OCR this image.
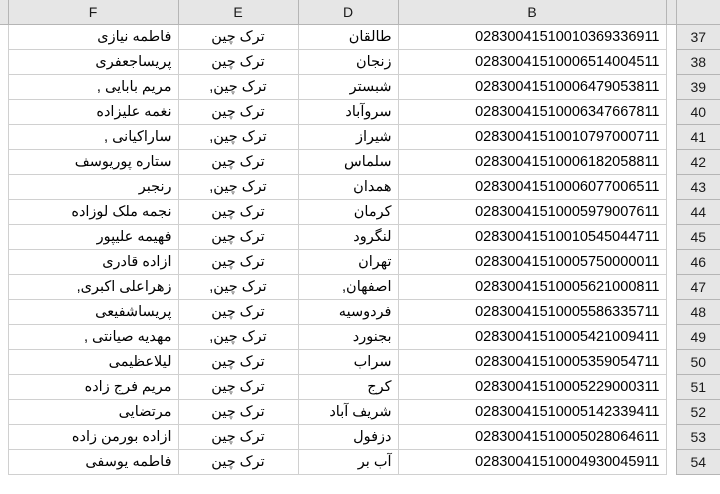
	F	E	D	B		
	فاطمه نیازی	ترک چین	طالقان	02830041510010369336911		37
	پریساجعفری	ترک چین	زنجان	02830041510006514004511		38
	مریم بابایی ,	ترک چین,	شبستر	02830041510006479053811		39
	نغمه علیزاده	ترک چین	سروآباد	02830041510006347667811		40
	ساراکیانی ,	ترک چین,	شیراز	02830041510010797000711		41
	ستاره پوریوسف	ترک چین	سلماس	02830041510006182058811		42
	رنجبر	ترک چین,	همدان	02830041510006077006511		43
	نجمه ملک لوزاده	ترک چین	کرمان	02830041510005979007611		44
	فهیمه علیپور	ترک چین	لنگرود	02830041510010545044711		45
	ازاده قادری	ترک چین	تهران	02830041510005750000011		46
	زهراعلی اکبری,	ترک چین,	اصفهان,	02830041510005621000811		47
	پریساشفیعی	ترک چین	فردوسیه	02830041510005586335711		48
	مهدیه صیانتی ,	ترک چین,	بجنورد	02830041510005421009411		49
	لیلاعظیمی	ترک چین	سراب	02830041510005359054711		50
	مریم فرج زاده	ترک چین	کرج	02830041510005229000311		51
	مرتضایی	ترک چین	شریف آباد	02830041510005142339411		52
	ازاده بورمن زاده	ترک چین	دزفول	02830041510005028064611		53
	فاطمه یوسفی	ترک چین	آب بر	02830041510004930045911		54
